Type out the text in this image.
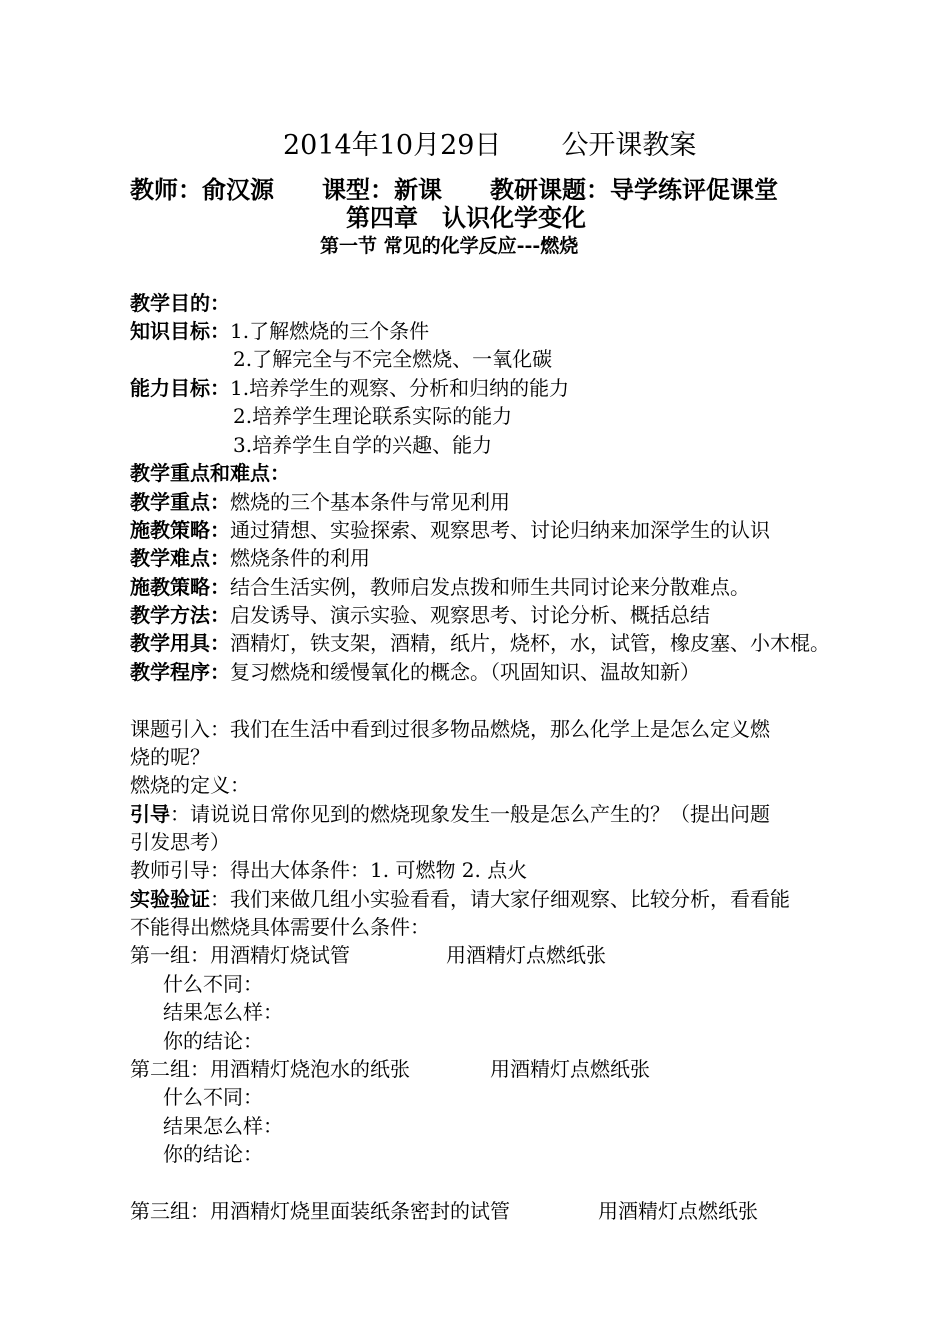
2014年10月29日 公开课教案
教师：俞汉源 课型：新课 教研课题：导学练评促课堂
第四章　认识化学变化
第一节 常见的化学反应---燃烧
教学目的：
知识目标：1.了解燃烧的三个条件
2.了解完全与不完全燃烧、一氧化碳
能力目标：1.培养学生的观察、分析和归纳的能力
2.培养学生理论联系实际的能力
3.培养学生自学的兴趣、能力
教学重点和难点：
教学重点：燃烧的三个基本条件与常见利用
施教策略：通过猜想、实验探索、观察思考、讨论归纳来加深学生的认识
教学难点：燃烧条件的利用
施教策略：结合生活实例，教师启发点拨和师生共同讨论来分散难点。
教学方法：启发诱导、演示实验、观察思考、讨论分析、概括总结
教学用具：酒精灯，铁支架，酒精，纸片，烧杯，水，试管，橡皮塞、小木棍。
教学程序：复习燃烧和缓慢氧化的概念。（巩固知识、温故知新）
课题引入：我们在生活中看到过很多物品燃烧，那么化学上是怎么定义燃
烧的呢？
燃烧的定义：
引导：请说说日常你见到的燃烧现象发生一般是怎么产生的？（提出问题
引发思考）
教师引导：得出大体条件：1. 可燃物 2. 点火
实验验证：我们来做几组小实验看看，请大家仔细观察、比较分析，看看能
不能得出燃烧具体需要什么条件：
第一组：用酒精灯烧试管	用酒精灯点燃纸张
什么不同：
结果怎么样：
你的结论：
第二组：用酒精灯烧泡水的纸张	用酒精灯点燃纸张
什么不同：
结果怎么样：
你的结论：
第三组：用酒精灯烧里面装纸条密封的试管	用酒精灯点燃纸张
